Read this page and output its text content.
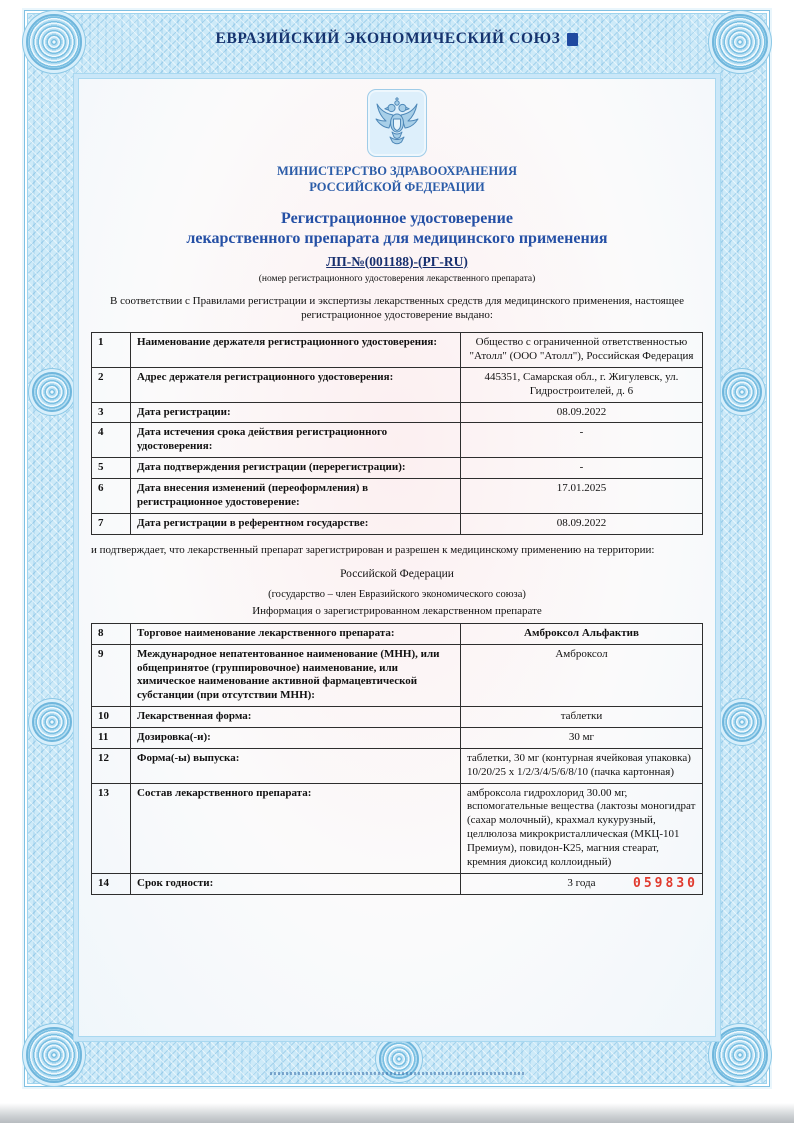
ЕВРАЗИЙСКИЙ ЭКОНОМИЧЕСКИЙ СОЮЗ
МИНИСТЕРСТВО ЗДРАВООХРАНЕНИЯ
РОССИЙСКОЙ ФЕДЕРАЦИИ
Регистрационное удостоверение
лекарственного препарата для медицинского применения
ЛП-№(001188)-(РГ-RU)
(номер регистрационного удостоверения лекарственного препарата)
В соответствии с Правилами регистрации и экспертизы лекарственных средств для медицинского применения, настоящее регистрационное удостоверение выдано:
1	Наименование держателя регистрационного удостоверения:	Общество с ограниченной ответственностью "Атолл" (ООО "Атолл"), Российская Федерация
2	Адрес держателя регистрационного удостоверения:	445351, Самарская обл., г. Жигулевск, ул. Гидростроителей, д. 6
3	Дата регистрации:	08.09.2022
4	Дата истечения срока действия регистрационного удостоверения:	-
5	Дата подтверждения регистрации (перерегистрации):	-
6	Дата внесения изменений (переоформления) в регистрационное удостоверение:	17.01.2025
7	Дата регистрации в референтном государстве:	08.09.2022
и подтверждает, что лекарственный препарат зарегистрирован и разрешен к медицинскому применению на территории:
Российской Федерации
(государство – член Евразийского экономического союза)
Информация о зарегистрированном лекарственном препарате
8	Торговое наименование лекарственного препарата:	Амброксол Альфактив
9	Международное непатентованное наименование (МНН), или общепринятое (группировочное) наименование, или химическое наименование активной фармацевтической субстанции (при отсутствии МНН):	Амброксол
10	Лекарственная форма:	таблетки
11	Дозировка(-и):	30 мг
12	Форма(-ы) выпуска:	таблетки, 30 мг (контурная ячейковая упаковка) 10/20/25 х 1/2/3/4/5/6/8/10 (пачка картонная)
13	Состав лекарственного препарата:	амброксола гидрохлорид 30.00 мг, вспомогательные вещества (лактозы моногидрат (сахар молочный), крахмал кукурузный, целлюлоза микрокристаллическая (МКЦ-101 Премиум), повидон-К25, магния стеарат, кремния диоксид коллоидный)
14	Срок годности:	3 года 059830
